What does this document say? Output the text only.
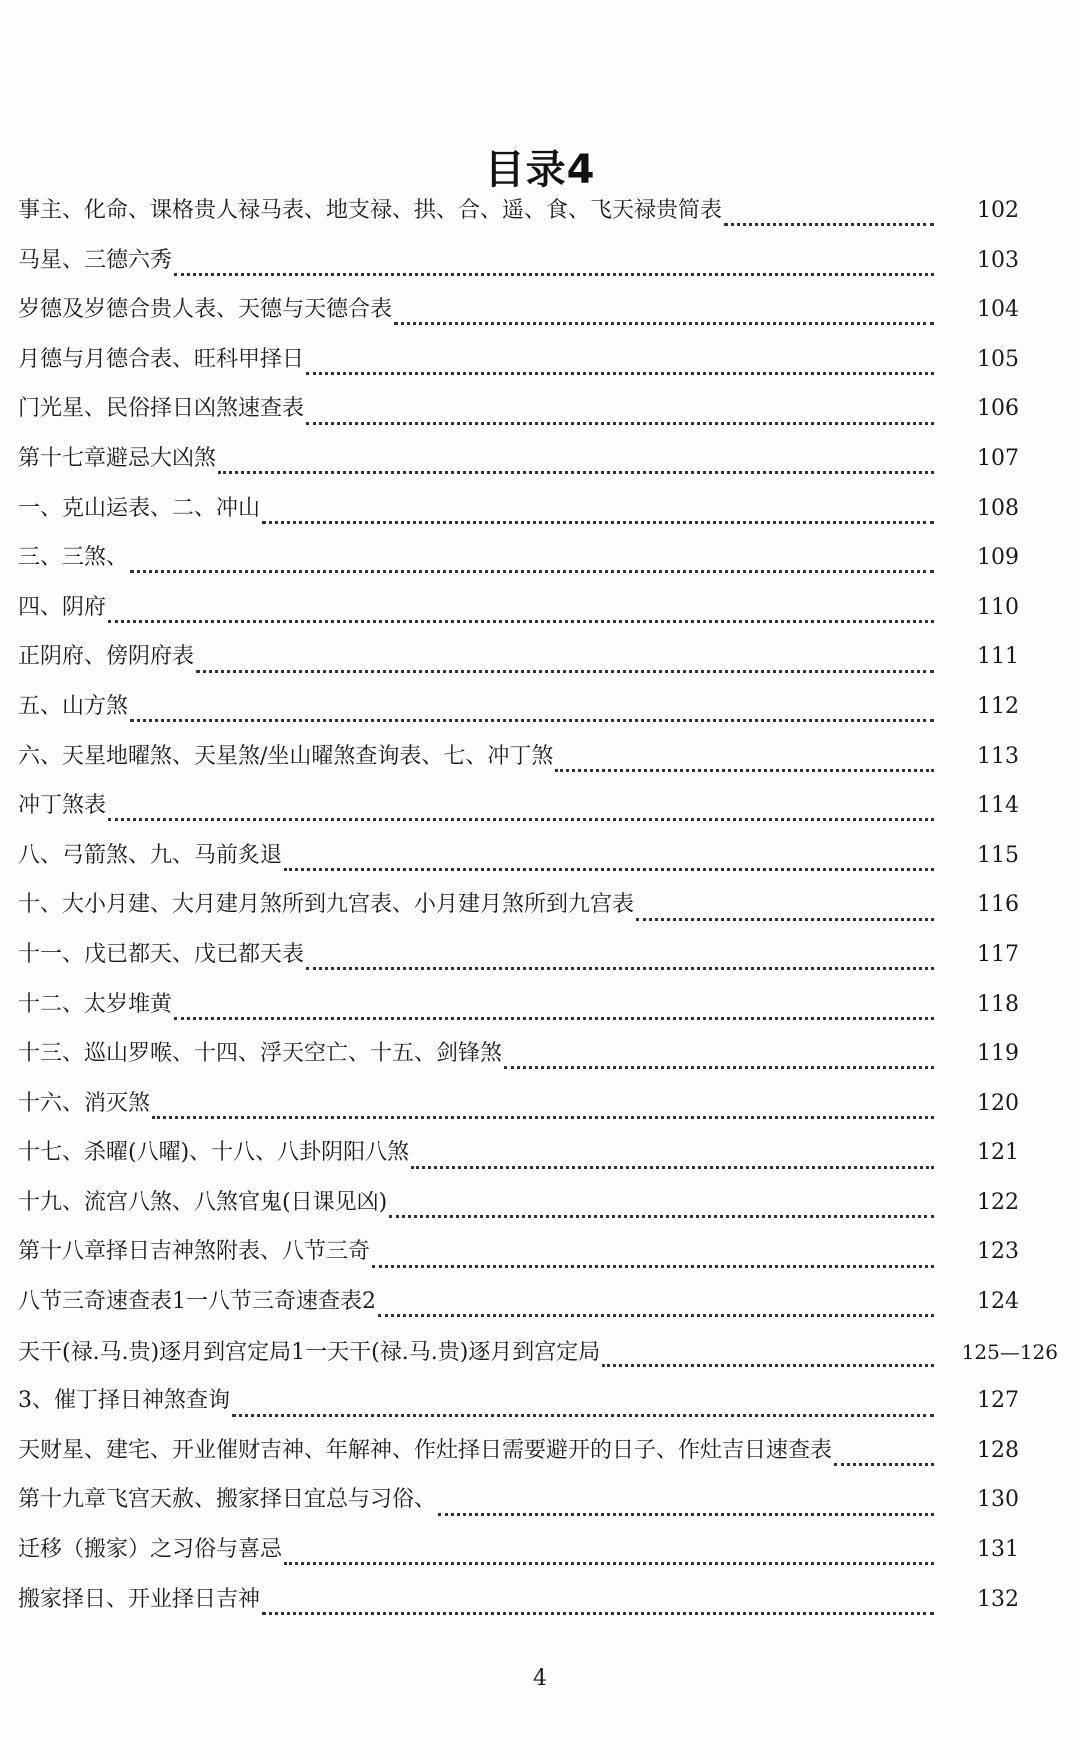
目录4
事主、化命、课格贵人禄马表、地支禄、拱、合、遥、食、飞天禄贵简表	102
马星、三德六秀	103
岁德及岁德合贵人表、天德与天德合表	104
月德与月德合表、旺科甲择日	105
门光星、民俗择日凶煞速查表	106
第十七章避忌大凶煞	107
一、克山运表、二、冲山	108
三、三煞、	109
四、阴府	110
正阴府、傍阴府表	111
五、山方煞	112
六、天星地曜煞、天星煞/坐山曜煞查询表、七、冲丁煞	113
冲丁煞表	114
八、弓箭煞、九、马前炙退	115
十、大小月建、大月建月煞所到九宫表、小月建月煞所到九宫表	116
十一、戊已都天、戊已都天表	117
十二、太岁堆黄	118
十三、巡山罗喉、十四、浮天空亡、十五、剑锋煞	119
十六、消灭煞	120
十七、杀曜(八曜)、十八、八卦阴阳八煞	121
十九、流宫八煞、八煞官鬼(日课见凶)	122
第十八章择日吉神煞附表、八节三奇	123
八节三奇速查表1一八节三奇速查表2	124
天干(禄.马.贵)逐月到宫定局1一天干(禄.马.贵)逐月到宫定局	125—126
3、催丁择日神煞查询	127
天财星、建宅、开业催财吉神、年解神、作灶择日需要避开的日子、作灶吉日速查表	128
第十九章飞宫天赦、搬家择日宜总与习俗、	130
迁移（搬家）之习俗与喜忌	131
搬家择日、开业择日吉神	132
4
